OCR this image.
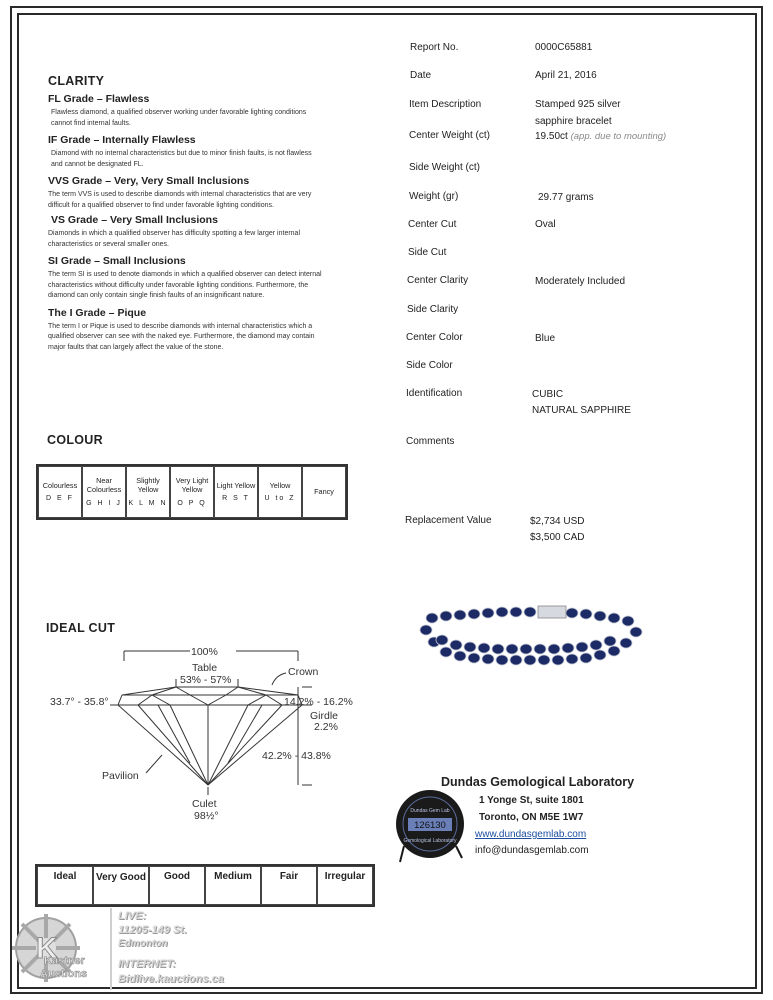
CLARITY
FL Grade – Flawless
Flawless diamond, a qualified observer working under favorable lighting conditions
cannot find internal faults.
IF Grade – Internally Flawless
Diamond with no internal characteristics but due to minor finish faults, is not flawless
and cannot be designated FL.
VVS Grade – Very, Very Small Inclusions
The term VVS is used to describe diamonds with internal characteristics that are very
difficult for a qualified observer to find under favorable lighting conditions.
VS Grade – Very Small Inclusions
Diamonds in which a qualified observer has difficulty spotting a few larger internal
characteristics or several smaller ones.
SI Grade – Small Inclusions
The term SI is used to denote diamonds in which a qualified observer can detect internal
characteristics without difficulty under favorable lighting conditions. Furthermore, the
diamond can only contain single finish faults of an insignificant nature.
The I Grade – Pique
The term I or Pique is used to describe diamonds with internal characteristics which a
qualified observer can see with the naked eye. Furthermore, the diamond may contain
major faults that can largely affect the value of the stone.
Report No.	0000C65881
Date	April 21, 2016
Item Description	Stamped 925 silver
sapphire bracelet
Center Weight (ct)	19.50ct (app. due to mounting)
Side Weight (ct)
Weight (gr)	29.77 grams
Center Cut	Oval
Side Cut
Center Clarity	Moderately Included
Side Clarity
Center Color	Blue
Side Color
Identification	CUBIC
NATURAL SAPPHIRE
Comments
Replacement Value	$2,734 USD
$3,500 CAD
COLOUR
Colourless
D E F

Near Colourless
G H I J

Slightly Yellow
K L M N

Very Light Yellow
O P Q

Light Yellow
R S T

Yellow
U to Z

Fancy
IDEAL CUT
100%
Table
53% - 57%
Crown
33.7° - 35.8°	14.2% - 16.2%
Girdle
2.2%
42.2% - 43.8%
Pavilion
Culet
98½°
Ideal	Very Good	Good	Medium	Fair	Irregular
126130
Dundas Gem Lab
Gemological Laboratory
Dundas Gemological Laboratory
1 Yonge St, suite 1801
Toronto, ON M5E 1W7
www.dundasgemlab.com
info@dundasgemlab.com
K
Kastner
Auctions
LIVE:
11205-149 St.
Edmonton
INTERNET:
Bidlive.kauctions.ca
